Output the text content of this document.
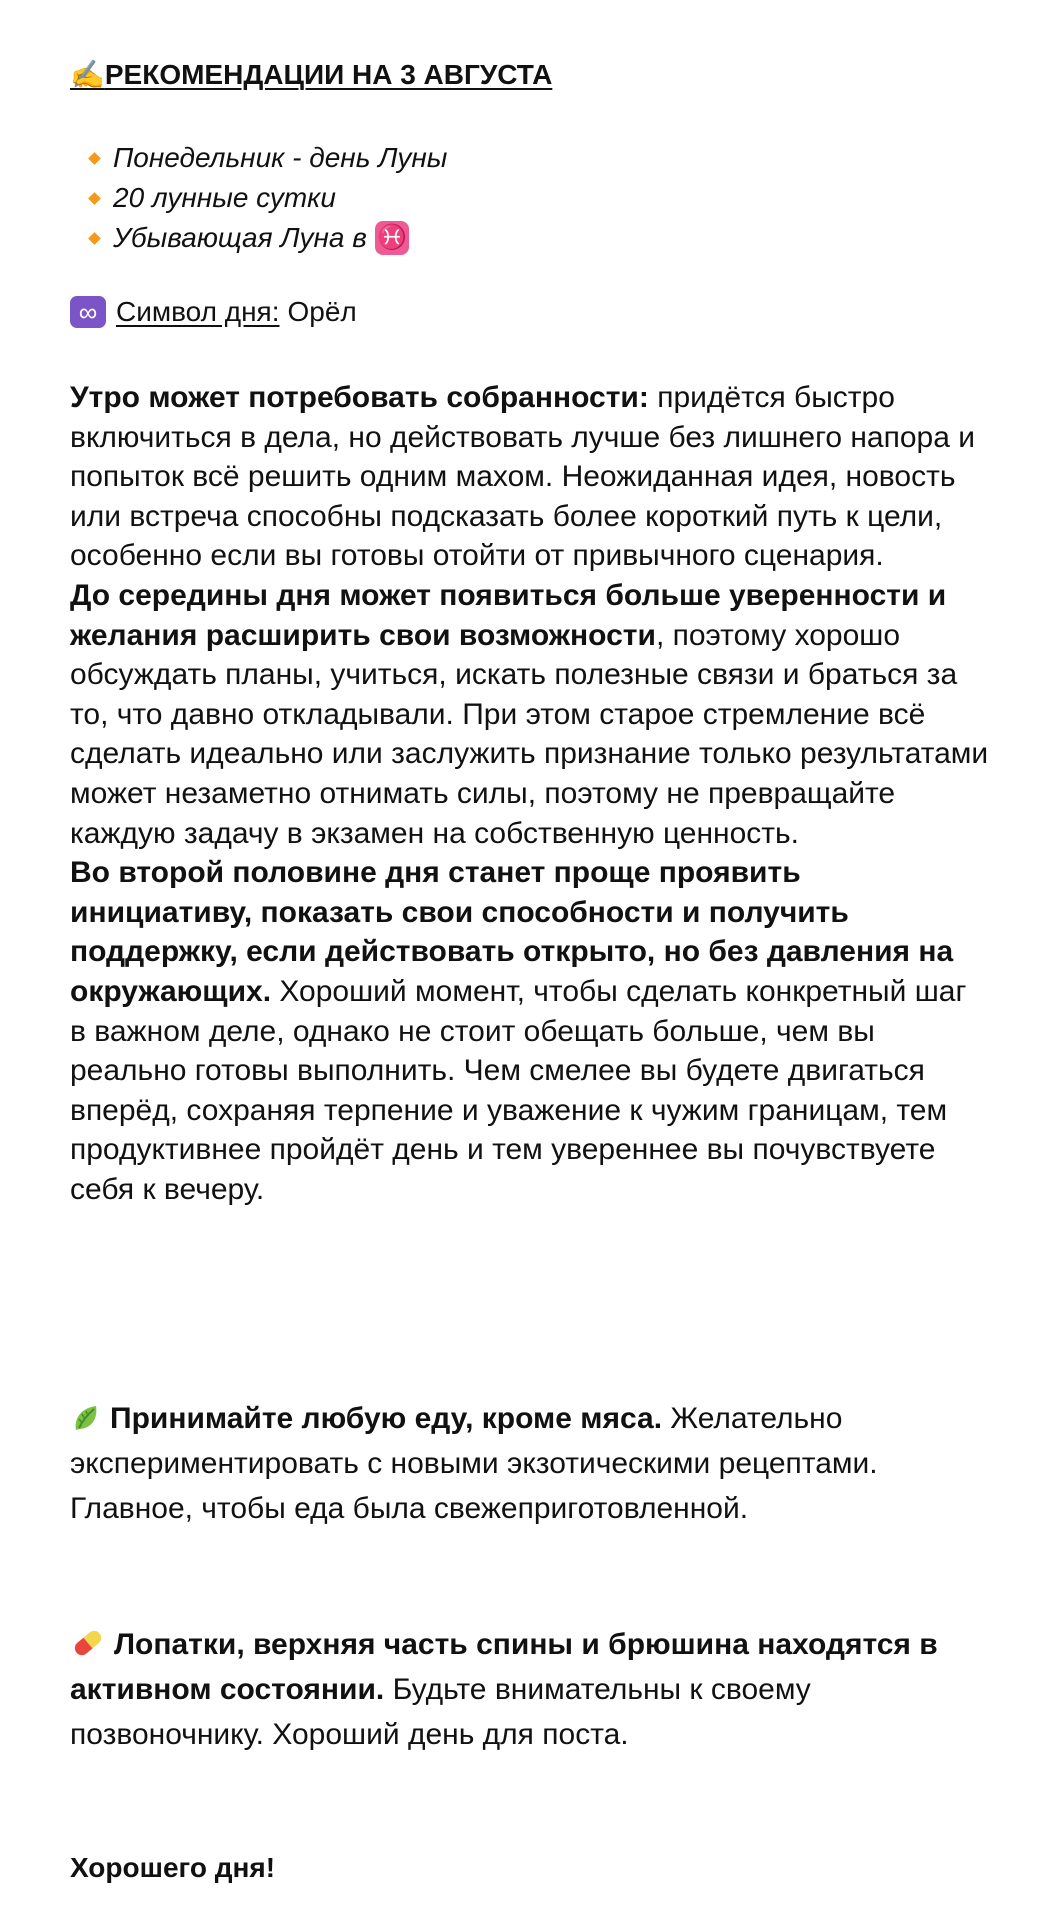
✍️РЕКОМЕНДАЦИИ НА 3 АВГУСТА
Понедельник - день Луны
20 лунные сутки
Убывающая Луна в ♓
∞ Символ дня: Орёл

Утро может потребовать собранности: придётся быстро включиться в дела, но действовать лучше без лишнего напора и попыток всё решить одним махом. Неожиданная идея, новость или встреча способны подсказать более короткий путь к цели, особенно если вы готовы отойти от привычного сценария.

До середины дня может появиться больше уверенности и желания расширить свои возможности, поэтому хорошо обсуждать планы, учиться, искать полезные связи и браться за то, что давно откладывали. При этом старое стремление всё сделать идеально или заслужить признание только результатами может незаметно отнимать силы, поэтому не превращайте каждую задачу в экзамен на собственную ценность.

Во второй половине дня станет проще проявить инициативу, показать свои способности и получить поддержку, если действовать открыто, но без давления на окружающих. Хороший момент, чтобы сделать конкретный шаг в важном деле, однако не стоит обещать больше, чем вы реально готовы выполнить. Чем смелее вы будете двигаться вперёд, сохраняя терпение и уважение к чужим границам, тем продуктивнее пройдёт день и тем увереннее вы почувствуете себя к вечеру.

Принимайте любую еду, кроме мяса. Желательно экспериментировать с новыми экзотическими рецептами. Главное, чтобы еда была свежеприготовленной.

Лопатки, верхняя часть спины и брюшина находятся в активном состоянии. Будьте внимательны к своему позвоночнику. Хороший день для поста.

Хорошего дня!
